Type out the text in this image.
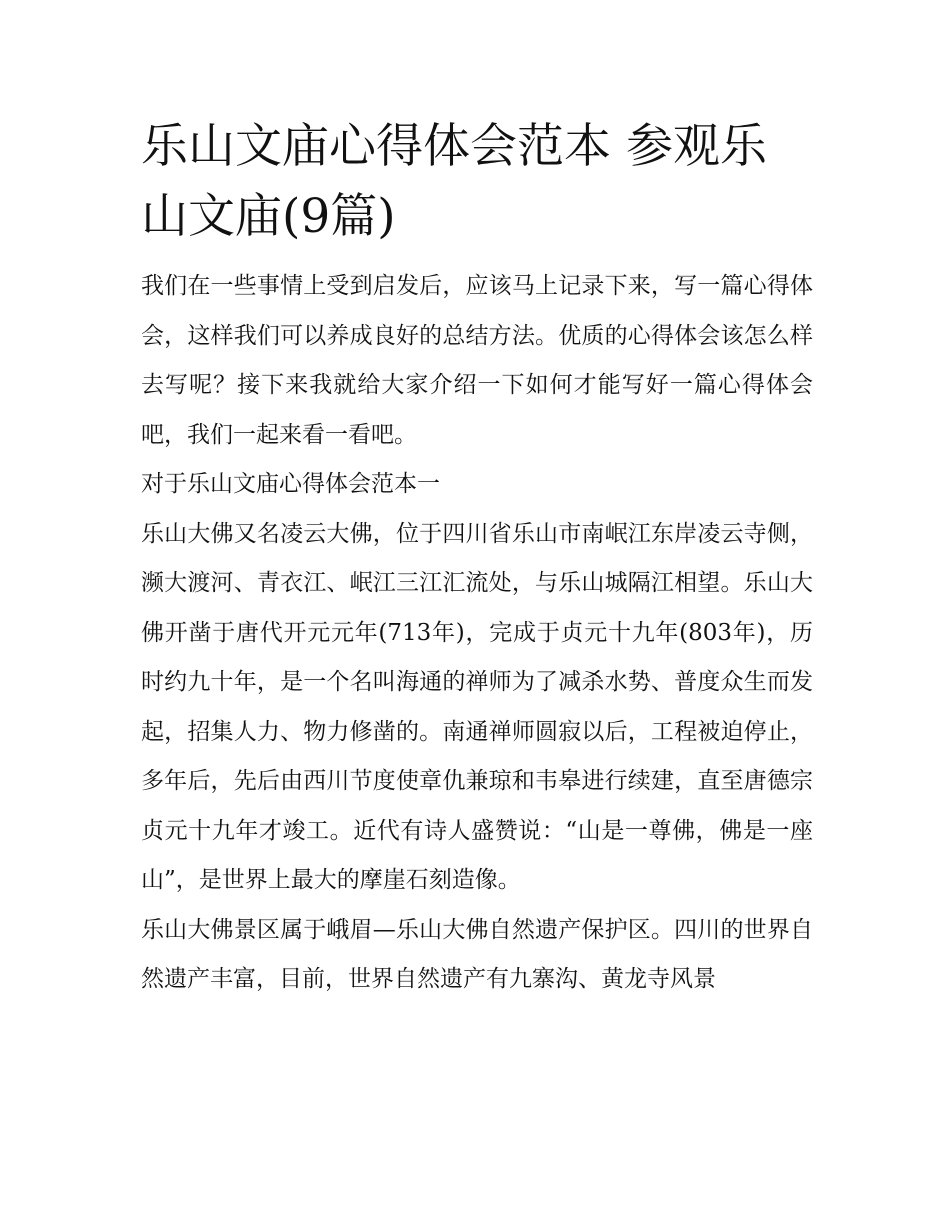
乐山文庙心得体会范本 参观乐山文庙(9篇)

我们在一些事情上受到启发后，应该马上记录下来，写一篇心得体会，这样我们可以养成良好的总结方法。优质的心得体会该怎么样去写呢？接下来我就给大家介绍一下如何才能写好一篇心得体会吧，我们一起来看一看吧。

对于乐山文庙心得体会范本一

乐山大佛又名凌云大佛，位于四川省乐山市南岷江东岸凌云寺侧，濒大渡河、青衣江、岷江三江汇流处，与乐山城隔江相望。乐山大佛开凿于唐代开元元年(713年)，完成于贞元十九年(803年)，历时约九十年，是一个名叫海通的禅师为了减杀水势、普度众生而发起，招集人力、物力修凿的。南通禅师圆寂以后，工程被迫停止，多年后，先后由西川节度使章仇兼琼和韦皋进行续建，直至唐德宗贞元十九年才竣工。近代有诗人盛赞说：“山是一尊佛，佛是一座山”，是世界上最大的摩崖石刻造像。

乐山大佛景区属于峨眉—乐山大佛自然遗产保护区。四川的世界自然遗产丰富，目前，世界自然遗产有九寨沟、黄龙寺风景
